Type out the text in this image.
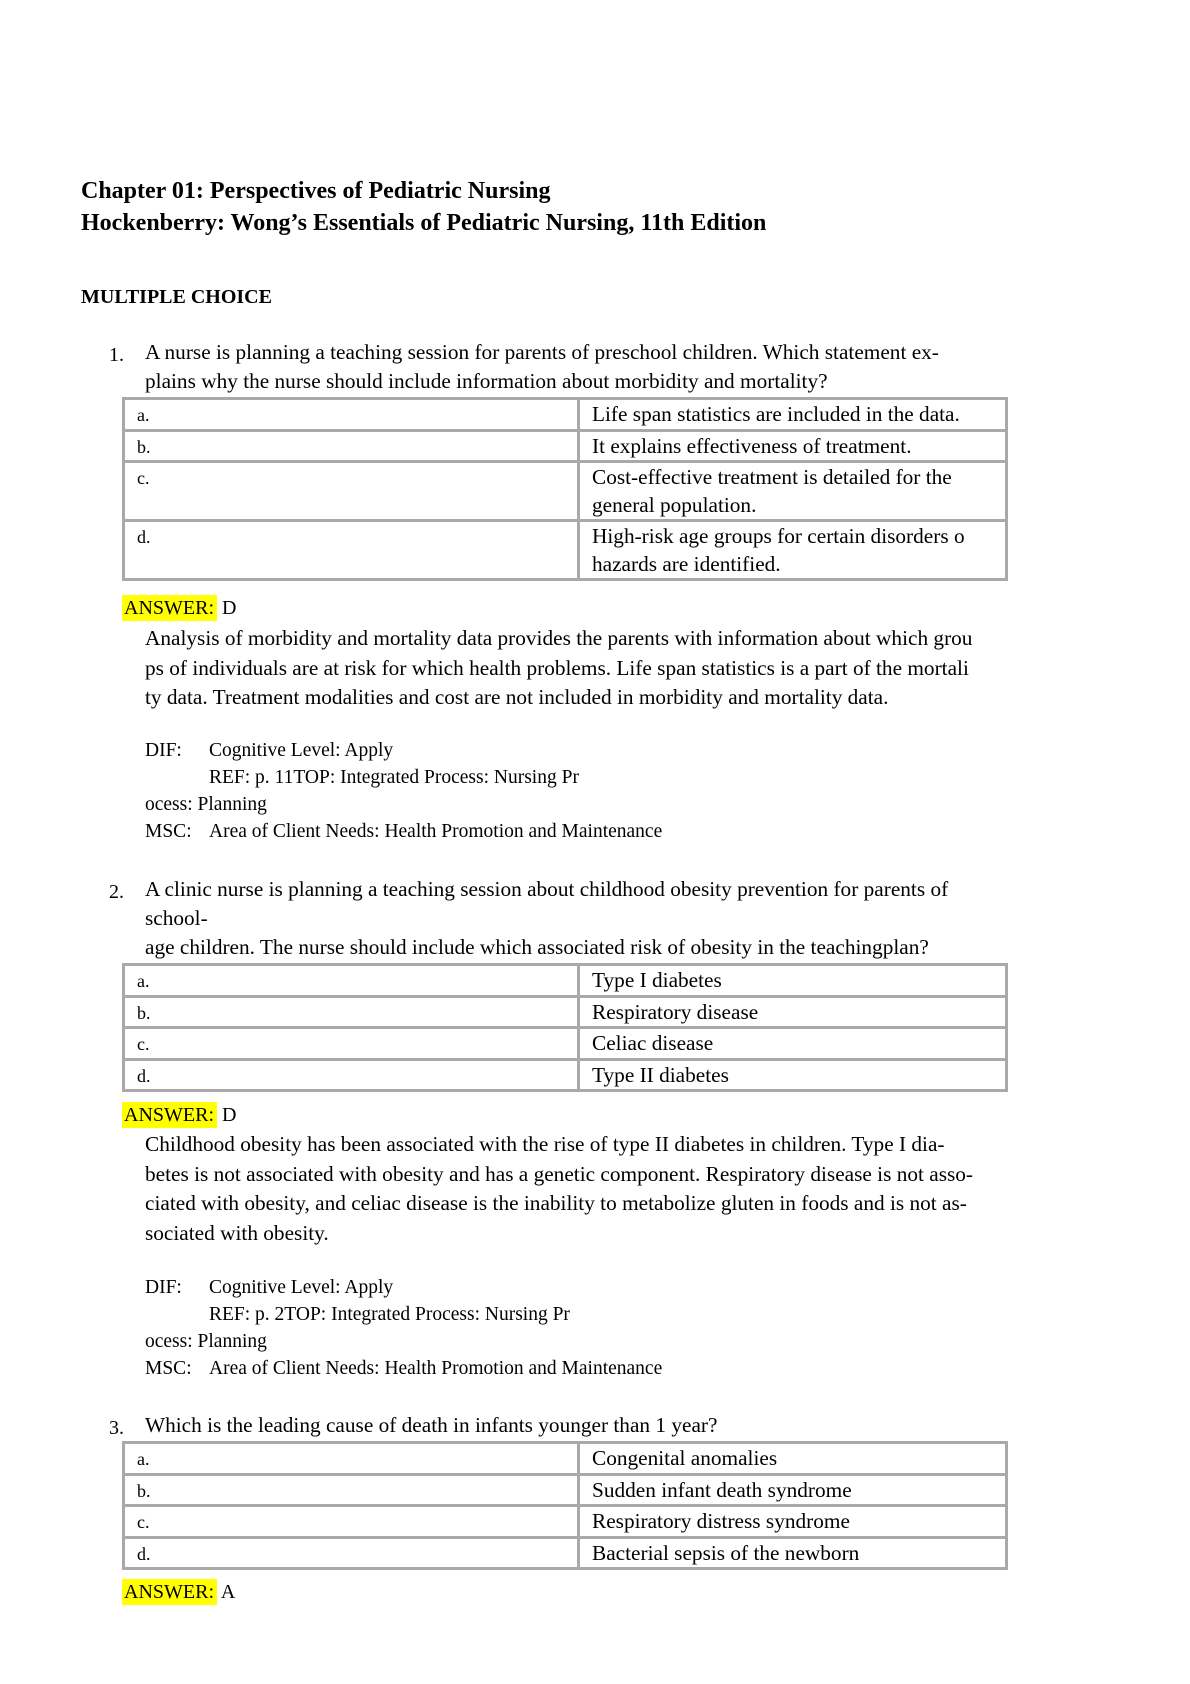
Chapter 01: Perspectives of Pediatric Nursing
Hockenberry: Wong’s Essentials of Pediatric Nursing, 11th Edition
MULTIPLE CHOICE
1. A nurse is planning a teaching session for parents of preschool children. Which statement ex-
plains why the nurse should include information about morbidity and mortality?
a.	Life span statistics are included in the data.
b.	It explains effectiveness of treatment.
c.	Cost-effective treatment is detailed for the
general population.
d.	High-risk age groups for certain disorders o
hazards are identified.
ANSWER: D
Analysis of morbidity and mortality data provides the parents with information about which grou
ps of individuals are at risk for which health problems. Life span statistics is a part of the mortali
ty data. Treatment modalities and cost are not included in morbidity and mortality data.
DIF: Cognitive Level: Apply
REF: p. 11TOP: Integrated Process: Nursing Pr
ocess: Planning
MSC: Area of Client Needs: Health Promotion and Maintenance
2. A clinic nurse is planning a teaching session about childhood obesity prevention for parents of
school-
age children. The nurse should include which associated risk of obesity in the teachingplan?
a.	Type I diabetes
b.	Respiratory disease
c.	Celiac disease
d.	Type II diabetes
ANSWER: D
Childhood obesity has been associated with the rise of type II diabetes in children. Type I dia-
betes is not associated with obesity and has a genetic component. Respiratory disease is not asso-
ciated with obesity, and celiac disease is the inability to metabolize gluten in foods and is not as-
sociated with obesity.
DIF: Cognitive Level: Apply
REF: p. 2TOP: Integrated Process: Nursing Pr
ocess: Planning
MSC: Area of Client Needs: Health Promotion and Maintenance
3. Which is the leading cause of death in infants younger than 1 year?
a.	Congenital anomalies
b.	Sudden infant death syndrome
c.	Respiratory distress syndrome
d.	Bacterial sepsis of the newborn
ANSWER: A
